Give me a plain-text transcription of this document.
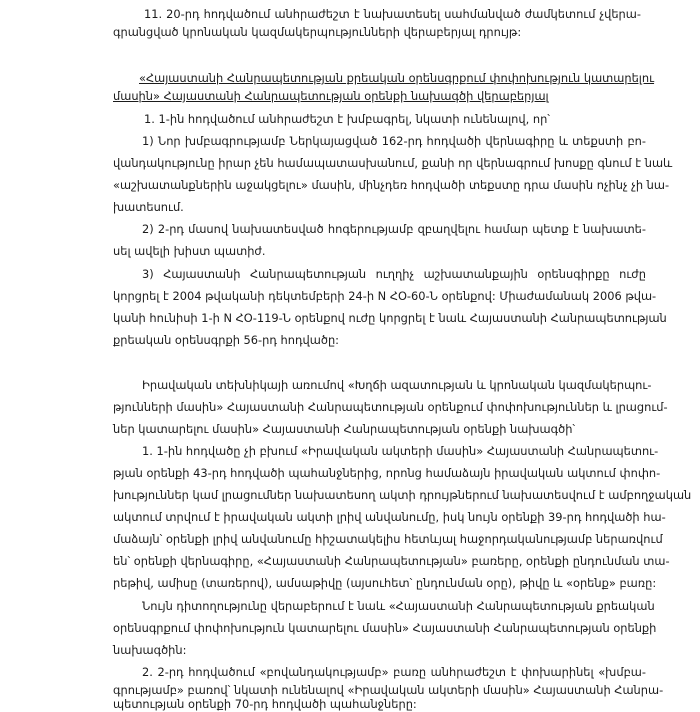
11. 20-րդ հոդվածում անհրաժեշտ է նախատեսել սահմանված ժամկետում չվերա-
գրանցված կրոնական կազմակերպությունների վերաբերյալ դրույթ:
«Հայաստանի Հանրապետության քրեական օրենսգրքում փոփոխություն կատարելու
մասին» Հայաստանի Հանրապետության օրենքի նախագծի վերաբերյալ
1. 1-ին հոդվածում անհրաժեշտ է խմբագրել, նկատի ունենալով, որ՝
1) Նոր խմբագրությամբ Ներկայացված 162-րդ հոդվածի վերնագիրը և տեքստի բո-
վանդակությունը իրար չեն համապատասխանում, քանի որ վերնագրում խոսքը գնում է նաև
«աշխատանքներին աջակցելու» մասին, մինչդեռ հոդվածի տեքստը դրա մասին ոչինչ չի նա-
խատեսում.
2) 2-րդ մասով նախատեսված հոգերությամբ զբաղվելու համար պետք է նախատե-
սել ավելի խիստ պատիժ.
3) Հայաստանի Հանրապետության ուղղիչ աշխատանքային օրենսգիրքը ուժը
կորցրել է 2004 թվականի դեկտեմբերի 24-ի N ՀՕ-60-Ն օրենքով: Միաժամանակ 2006 թվա-
կանի հունիսի 1-ի N ՀՕ-119-Ն օրենքով ուժը կորցրել է նաև Հայաստանի Հանրապետության
քրեական օրենսգրքի 56-րդ հոդվածը:
Իրավական տեխնիկայի առումով «Խղճի ազատության և կրոնական կազմակերպու-
թյունների մասին» Հայաստանի Հանրապետության օրենքում փոփոխություններ և լրացում-
ներ կատարելու մասին» Հայաստանի Հանրապետության օրենքի նախագծի՝
1. 1-ին հոդվածը չի բխում «Իրավական ակտերի մասին» Հայաստանի Հանրապետու-
թյան օրենքի 43-րդ հոդվածի պահանջներից, որոնց համաձայն իրավական ակտում փոփո-
խություններ կամ լրացումներ նախատեսող ակտի դրույթներում նախատեսվում է ամբողջական
ակտում տրվում է իրավական ակտի լրիվ անվանումը, իսկ նույն օրենքի 39-րդ հոդվածի հա-
մաձայն՝ օրենքի լրիվ անվանումը հիշատակելիս հետևյալ հաջորդականությամբ ներառվում
են՝ օրենքի վերնագիրը, «Հայաստանի Հանրապետության» բառերը, օրենքի ընդունման տա-
րեթիվ, ամիսը (տառերով), ամսաթիվը (այսուհետ՝ ընդունման օրը), թիվը և «օրենք» բառը:
Նույն դիտողությունը վերաբերում է նաև «Հայաստանի Հանրապետության քրեական
օրենսգրքում փոփոխություն կատարելու մասին» Հայաստանի Հանրապետության օրենքի
նախագծին:
2. 2-րդ հոդվածում «բովանդակությամբ» բառը անհրաժեշտ է փոխարինել «խմբա-
գրությամբ» բառով՝ նկատի ունենալով «Իրավական ակտերի մասին» Հայաստանի Հանրա-
պետության օրենքի 70-րդ հոդվածի պահանջները:
